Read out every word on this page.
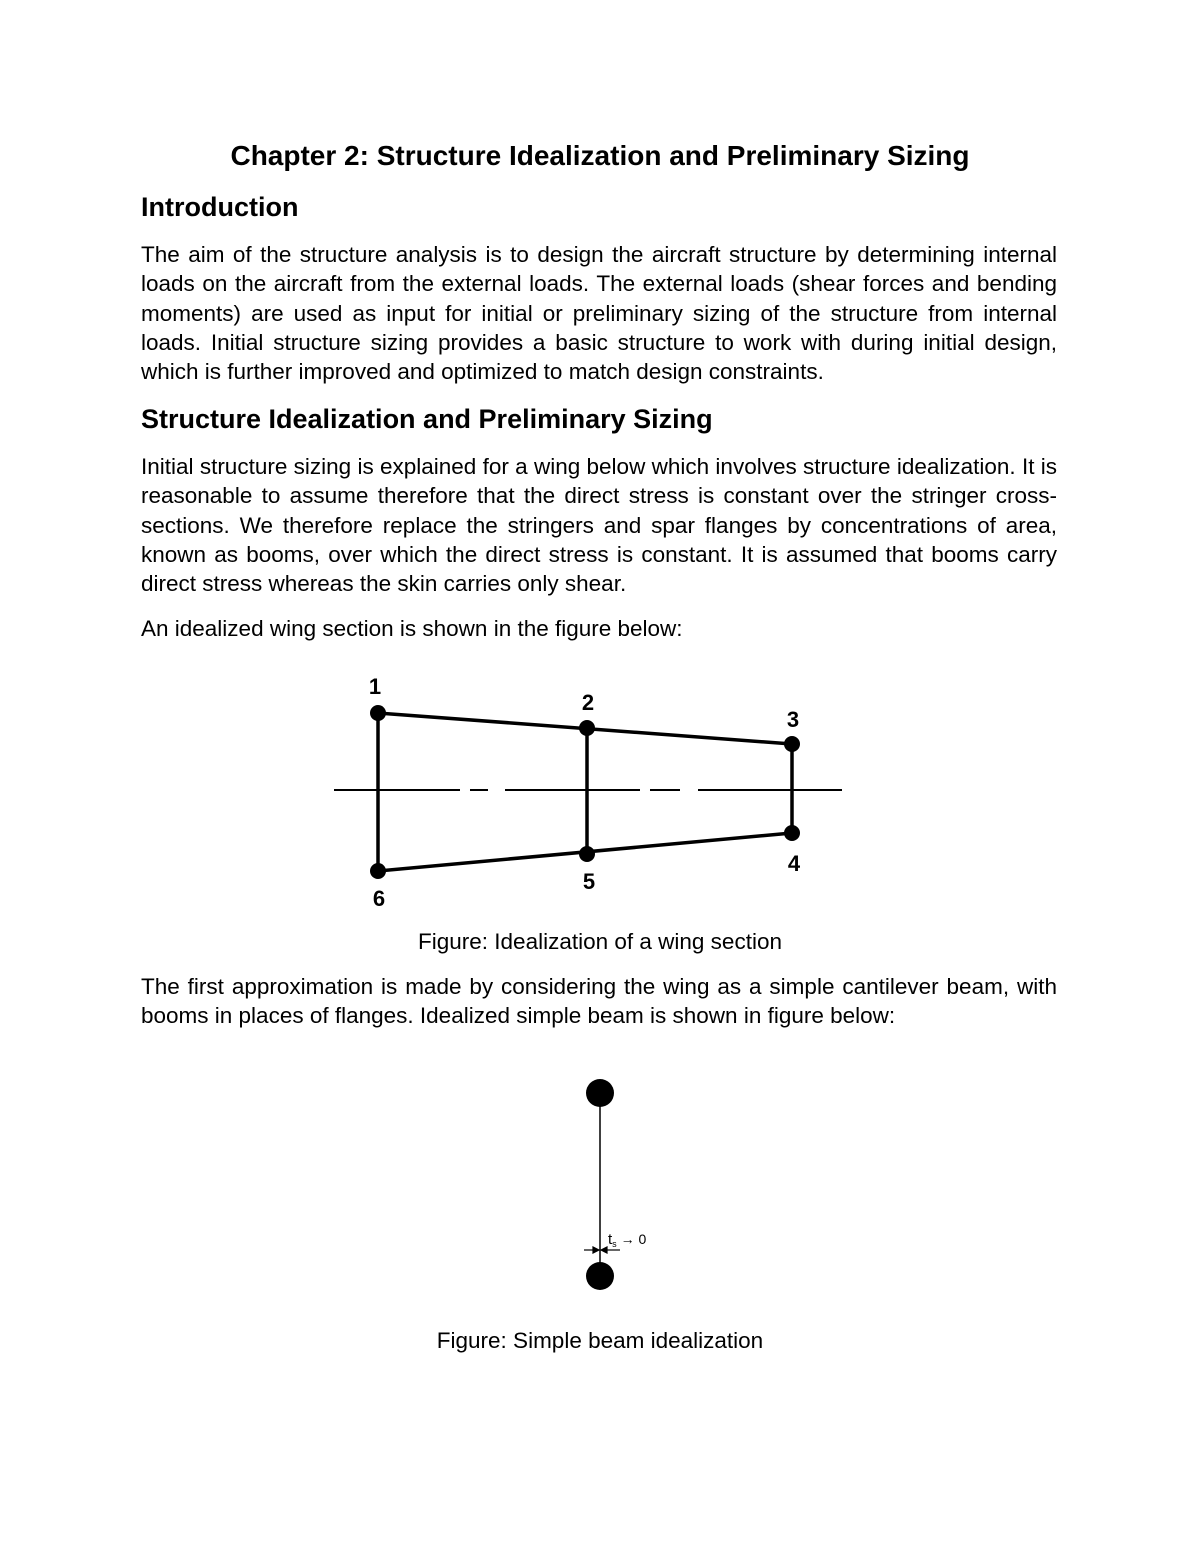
Chapter 2: Structure Idealization and Preliminary Sizing
Introduction

The aim of the structure analysis is to design the aircraft structure by determining internal loads on the aircraft from the external loads. The external loads (shear forces and bending moments) are used as input for initial or preliminary sizing of the structure from internal loads. Initial structure sizing provides a basic structure to work with during initial design, which is further improved and optimized to match design constraints.

Structure Idealization and Preliminary Sizing

Initial structure sizing is explained for a wing below which involves structure idealization. It is reasonable to assume therefore that the direct stress is constant over the stringer cross-sections. We therefore replace the stringers and spar flanges by concentrations of area, known as booms, over which the direct stress is constant. It is assumed that booms carry direct stress whereas the skin carries only shear.

An idealized wing section is shown in the figure below:

1
2
3
4
5
6

Figure: Idealization of a wing section

The first approximation is made by considering the wing as a simple cantilever beam, with booms in places of flanges. Idealized simple beam is shown in figure below:

$t_s \to 0$

Figure: Simple beam idealization
